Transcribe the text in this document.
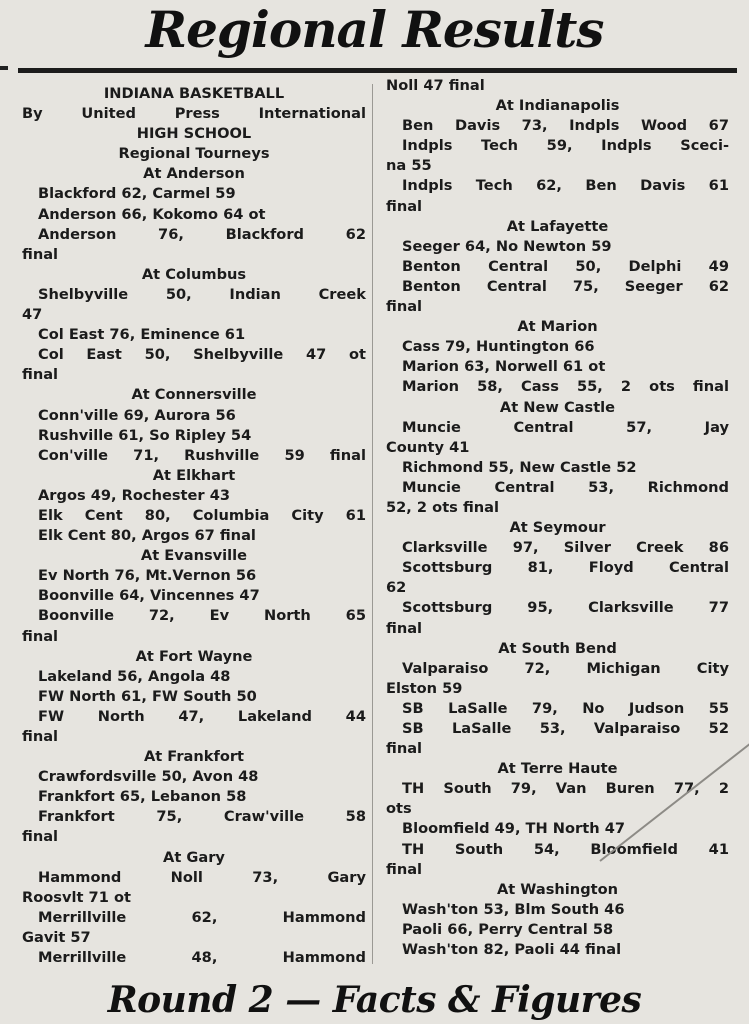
Regional Results
INDIANA BASKETBALL
By United Press International
HIGH SCHOOL
Regional Tourneys
At Anderson
Blackford 62, Carmel 59
Anderson 66, Kokomo 64 ot
Anderson 76, Blackford 62
final
At Columbus
Shelbyville 50, Indian Creek
47
Col East 76, Eminence 61
Col East 50, Shelbyville 47 ot
final
At Connersville
Conn'ville 69, Aurora 56
Rushville 61, So Ripley 54
Con'ville 71, Rushville 59 final
At Elkhart
Argos 49, Rochester 43
Elk Cent 80, Columbia City 61
Elk Cent 80, Argos 67 final
At Evansville
Ev North 76, Mt.Vernon 56
Boonville 64, Vincennes 47
Boonville 72, Ev North 65
final
At Fort Wayne
Lakeland 56, Angola 48
FW North 61, FW South 50
FW North 47, Lakeland 44
final
At Frankfort
Crawfordsville 50, Avon 48
Frankfort 65, Lebanon 58
Frankfort 75, Craw'ville 58
final
At Gary
Hammond Noll 73, Gary
Roosvlt 71 ot
Merrillville 62, Hammond
Gavit 57
Merrillville 48, Hammond
Noll 47 final
At Indianapolis
Ben Davis 73, Indpls Wood 67
Indpls Tech 59, Indpls Sceci-
na 55
Indpls Tech 62, Ben Davis 61
final
At Lafayette
Seeger 64, No Newton 59
Benton Central 50, Delphi 49
Benton Central 75, Seeger 62
final
At Marion
Cass 79, Huntington 66
Marion 63, Norwell 61 ot
Marion 58, Cass 55, 2 ots final
At New Castle
Muncie Central 57, Jay
County 41
Richmond 55, New Castle 52
Muncie Central 53, Richmond
52, 2 ots final
At Seymour
Clarksville 97, Silver Creek 86
Scottsburg 81, Floyd Central
62
Scottsburg 95, Clarksville 77
final
At South Bend
Valparaiso 72, Michigan City
Elston 59
SB LaSalle 79, No Judson 55
SB LaSalle 53, Valparaiso 52
final
At Terre Haute
TH South 79, Van Buren 77, 2
ots
Bloomfield 49, TH North 47
TH South 54, Bloomfield 41
final
At Washington
Wash'ton 53, Blm South 46
Paoli 66, Perry Central 58
Wash'ton 82, Paoli 44 final
Round 2 — Facts & Figures
